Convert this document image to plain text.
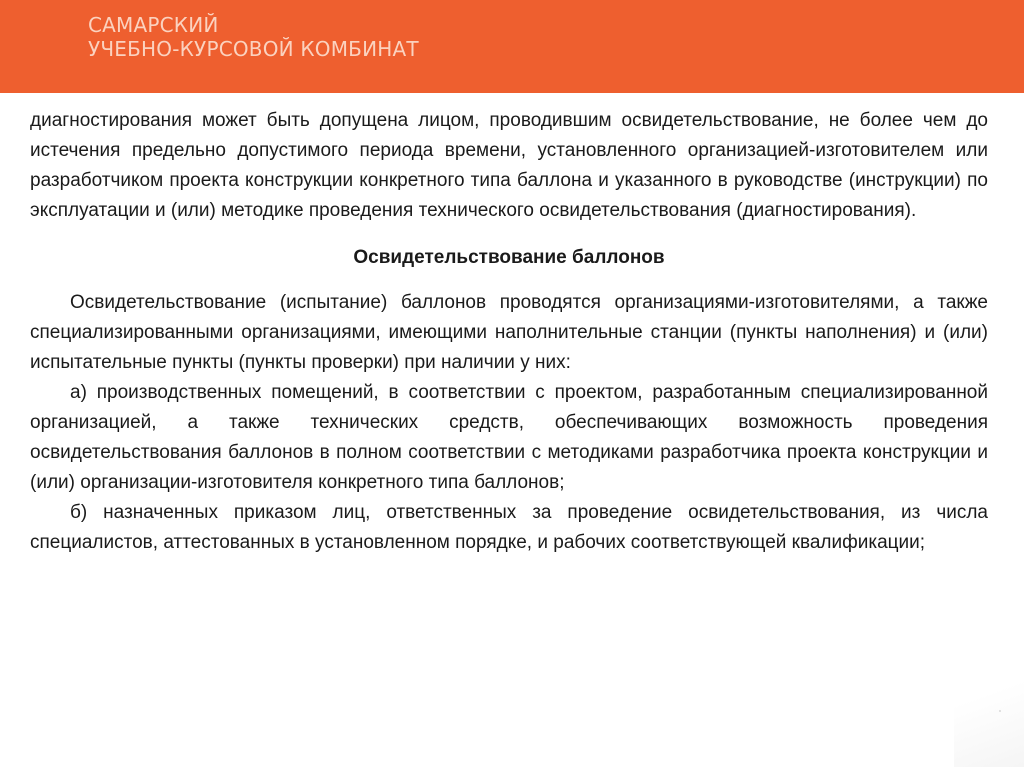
САМАРСКИЙ
УЧЕБНО-КУРСОВОЙ КОМБИНАТ

диагностирования может быть допущена лицом, проводившим освидетельствование, не более чем до истечения предельно допустимого периода времени, установленного организацией-изготовителем или разработчиком проекта конструкции конкретного типа баллона и указанного в руководстве (инструкции) по эксплуатации и (или) методике проведения технического освидетельствования (диагностирования).

Освидетельствование баллонов

Освидетельствование (испытание) баллонов проводятся организациями-изготовителями, а также специализированными организациями, имеющими наполнительные станции (пункты наполнения) и (или) испытательные пункты (пункты проверки) при наличии у них:

а) производственных помещений, в соответствии с проектом, разработанным специализированной организацией, а также технических средств, обеспечивающих возможность проведения освидетельствования баллонов в полном соответствии с методиками разработчика проекта конструкции и (или) организации-изготовителя конкретного типа баллонов;

б) назначенных приказом лиц, ответственных за проведение освидетельствования, из числа специалистов, аттестованных в установленном порядке, и рабочих соответствующей квалификации;
